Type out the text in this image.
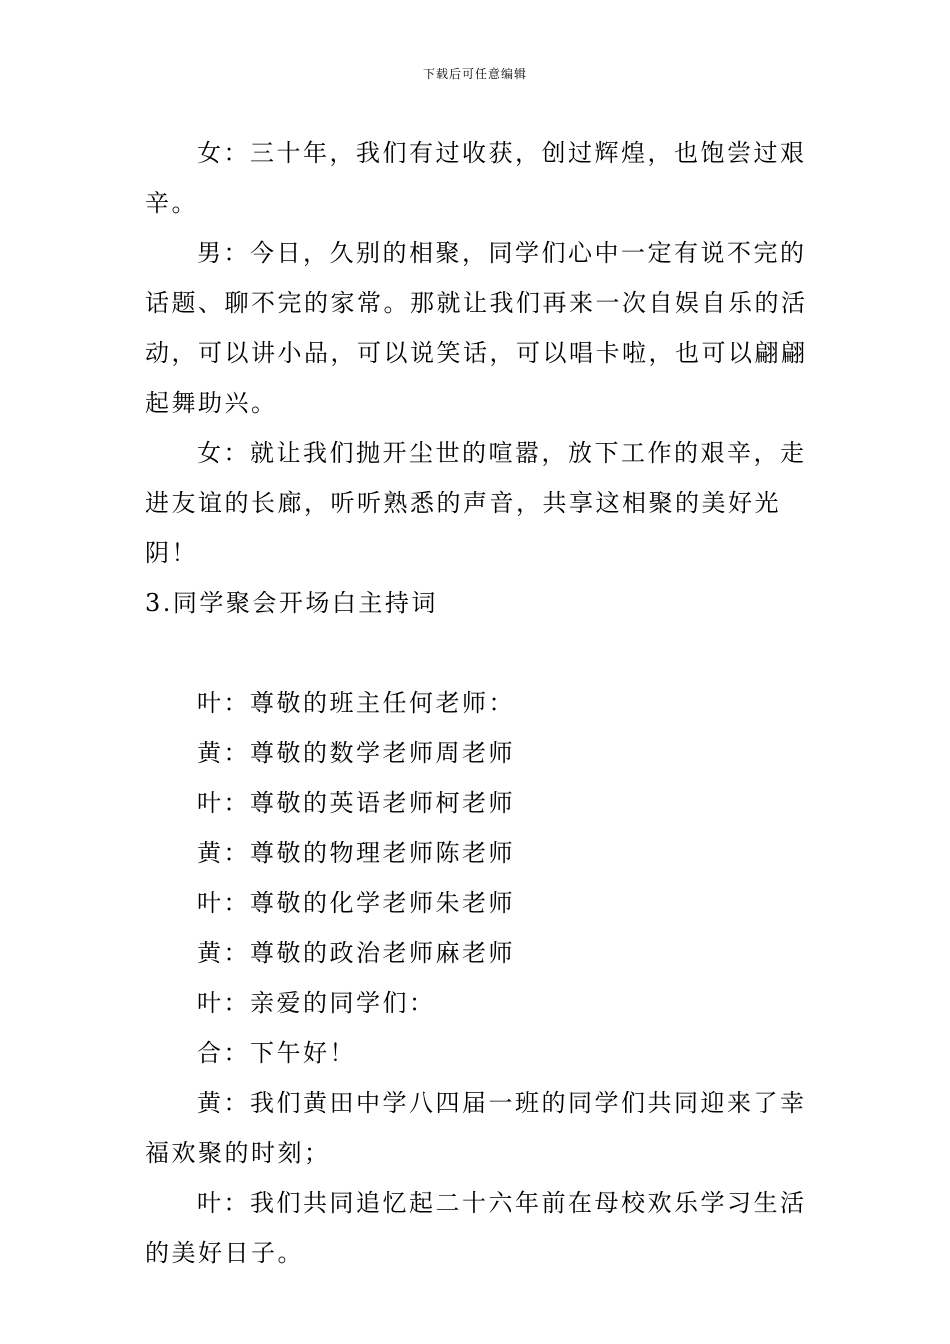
下载后可任意编辑

女：三十年，我们有过收获，创过辉煌，也饱尝过艰辛。

男：今日，久别的相聚，同学们心中一定有说不完的话题、聊不完的家常。那就让我们再来一次自娱自乐的活动，可以讲小品，可以说笑话，可以唱卡啦，也可以翩翩起舞助兴。

女：就让我们抛开尘世的喧嚣，放下工作的艰辛，走进友谊的长廊，听听熟悉的声音，共享这相聚的美好光阴！

3.同学聚会开场白主持词

叶：尊敬的班主任何老师：

黄：尊敬的数学老师周老师

叶：尊敬的英语老师柯老师

黄：尊敬的物理老师陈老师

叶：尊敬的化学老师朱老师

黄：尊敬的政治老师麻老师

叶：亲爱的同学们：

合：下午好！

黄：我们黄田中学八四届一班的同学们共同迎来了幸福欢聚的时刻；

叶：我们共同追忆起二十六年前在母校欢乐学习生活的美好日子。
